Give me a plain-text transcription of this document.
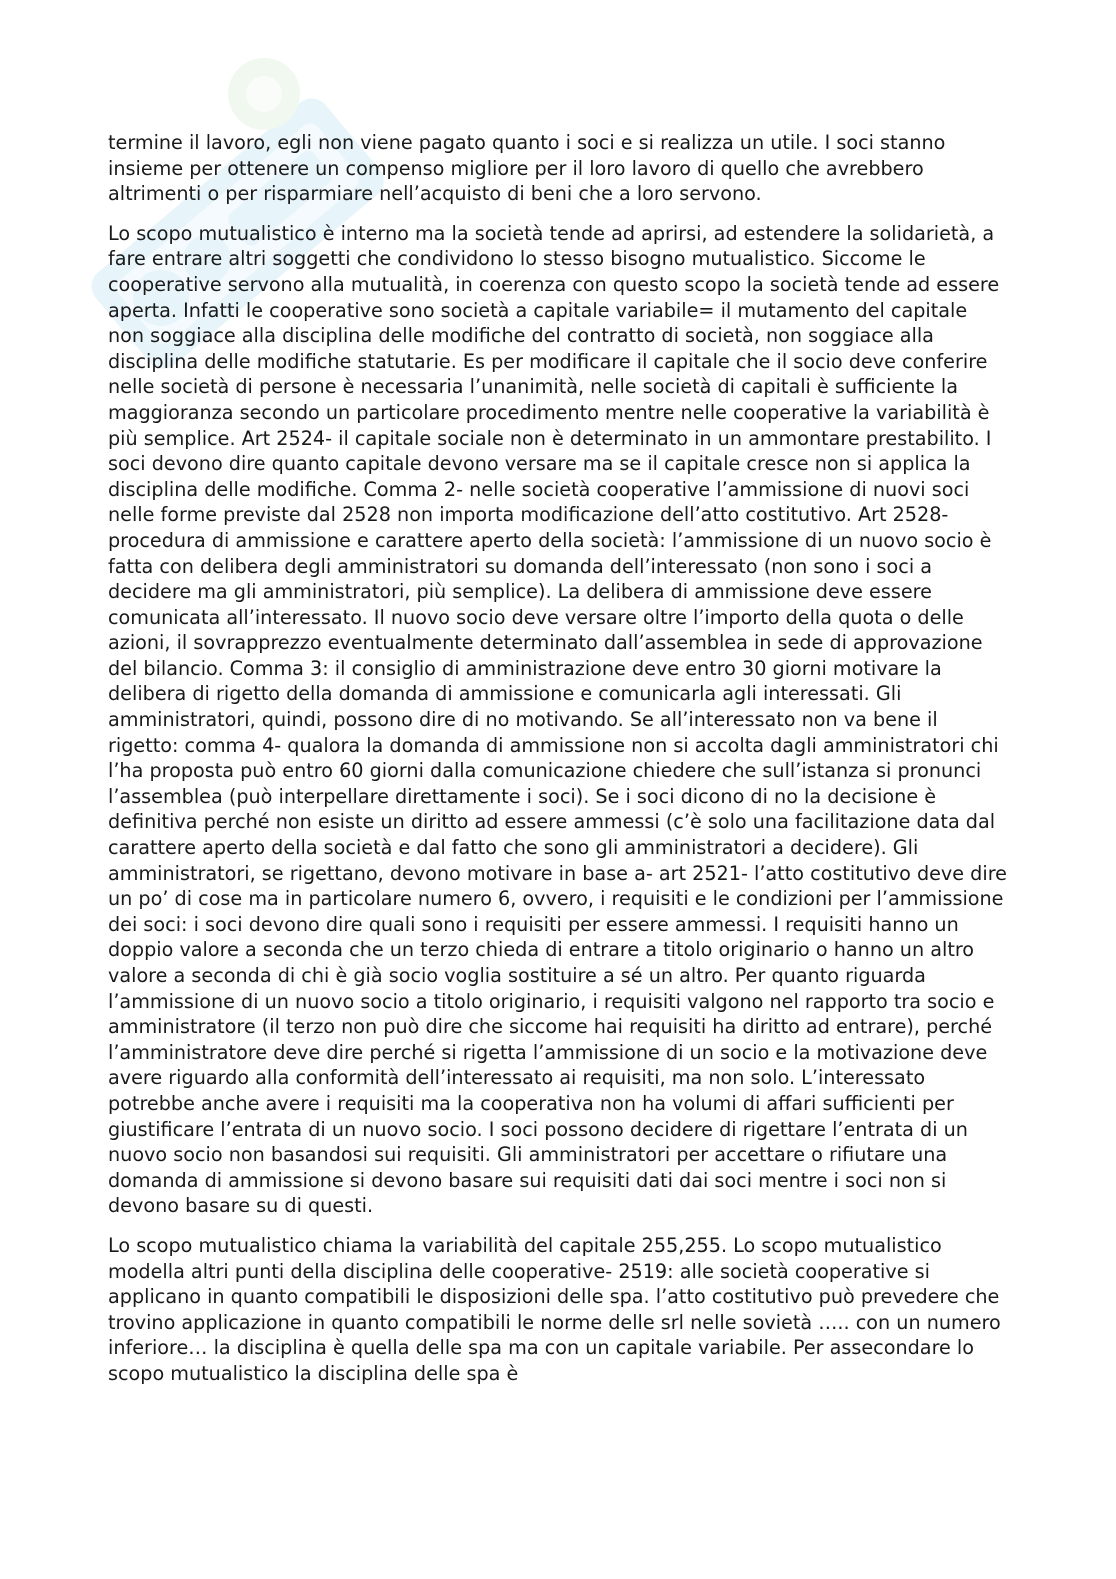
termine il lavoro, egli non viene pagato quanto i soci e si realizza un utile. I soci stanno insieme per ottenere un compenso migliore per il loro lavoro di quello che avrebbero altrimenti o per risparmiare nell’acquisto di beni che a loro servono.

Lo scopo mutualistico è interno ma la società tende ad aprirsi, ad estendere la solidarietà, a fare entrare altri soggetti che condividono lo stesso bisogno mutualistico. Siccome le cooperative servono alla mutualità, in coerenza con questo scopo la società tende ad essere aperta. Infatti le cooperative sono società a capitale variabile= il mutamento del capitale non soggiace alla disciplina delle modifiche del contratto di società, non soggiace alla disciplina delle modifiche statutarie. Es per modificare il capitale che il socio deve conferire nelle società di persone è necessaria l’unanimità, nelle società di capitali è sufficiente la maggioranza secondo un particolare procedimento mentre nelle cooperative la variabilità è più semplice. Art 2524- il capitale sociale non è determinato in un ammontare prestabilito. I soci devono dire quanto capitale devono versare ma se il capitale cresce non si applica la disciplina delle modifiche. Comma 2- nelle società cooperative l’ammissione di nuovi soci nelle forme previste dal 2528 non importa modificazione dell’atto costitutivo. Art 2528- procedura di ammissione e carattere aperto della società: l’ammissione di un nuovo socio è fatta con delibera degli amministratori su domanda dell’interessato (non sono i soci a decidere ma gli amministratori, più semplice). La delibera di ammissione deve essere comunicata all’interessato. Il nuovo socio deve versare oltre l’importo della quota o delle azioni, il sovrapprezzo eventualmente determinato dall’assemblea in sede di approvazione del bilancio. Comma 3: il consiglio di amministrazione deve entro 30 giorni motivare la delibera di rigetto della domanda di ammissione e comunicarla agli interessati. Gli amministratori, quindi, possono dire di no motivando. Se all’interessato non va bene il rigetto: comma 4- qualora la domanda di ammissione non si accolta dagli amministratori chi l’ha proposta può entro 60 giorni dalla comunicazione chiedere che sull’istanza si pronunci l’assemblea (può interpellare direttamente i soci). Se i soci dicono di no la decisione è definitiva perché non esiste un diritto ad essere ammessi (c’è solo una facilitazione data dal carattere aperto della società e dal fatto che sono gli amministratori a decidere). Gli amministratori, se rigettano, devono motivare in base a- art 2521- l’atto costitutivo deve dire un po’ di cose ma in particolare numero 6, ovvero, i requisiti e le condizioni per l’ammissione dei soci: i soci devono dire quali sono i requisiti per essere ammessi. I requisiti hanno un doppio valore a seconda che un terzo chieda di entrare a titolo originario o hanno un altro valore a seconda di chi è già socio voglia sostituire a sé un altro. Per quanto riguarda l’ammissione di un nuovo socio a titolo originario, i requisiti valgono nel rapporto tra socio e amministratore (il terzo non può dire che siccome hai requisiti ha diritto ad entrare), perché l’amministratore deve dire perché si rigetta l’ammissione di un socio e la motivazione deve avere riguardo alla conformità dell’interessato ai requisiti, ma non solo. L’interessato potrebbe anche avere i requisiti ma la cooperativa non ha volumi di affari sufficienti per giustificare l’entrata di un nuovo socio. I soci possono decidere di rigettare l’entrata di un nuovo socio non basandosi sui requisiti. Gli amministratori per accettare o rifiutare una domanda di ammissione si devono basare sui requisiti dati dai soci mentre i soci non si devono basare su di questi.

Lo scopo mutualistico chiama la variabilità del capitale 255,255. Lo scopo mutualistico modella altri punti della disciplina delle cooperative- 2519: alle società cooperative si applicano in quanto compatibili le disposizioni delle spa. l’atto costitutivo può prevedere che trovino applicazione in quanto compatibili le norme delle srl nelle sovietà ….. con un numero inferiore… la disciplina è quella delle spa ma con un capitale variabile. Per assecondare lo scopo mutualistico la disciplina delle spa è
